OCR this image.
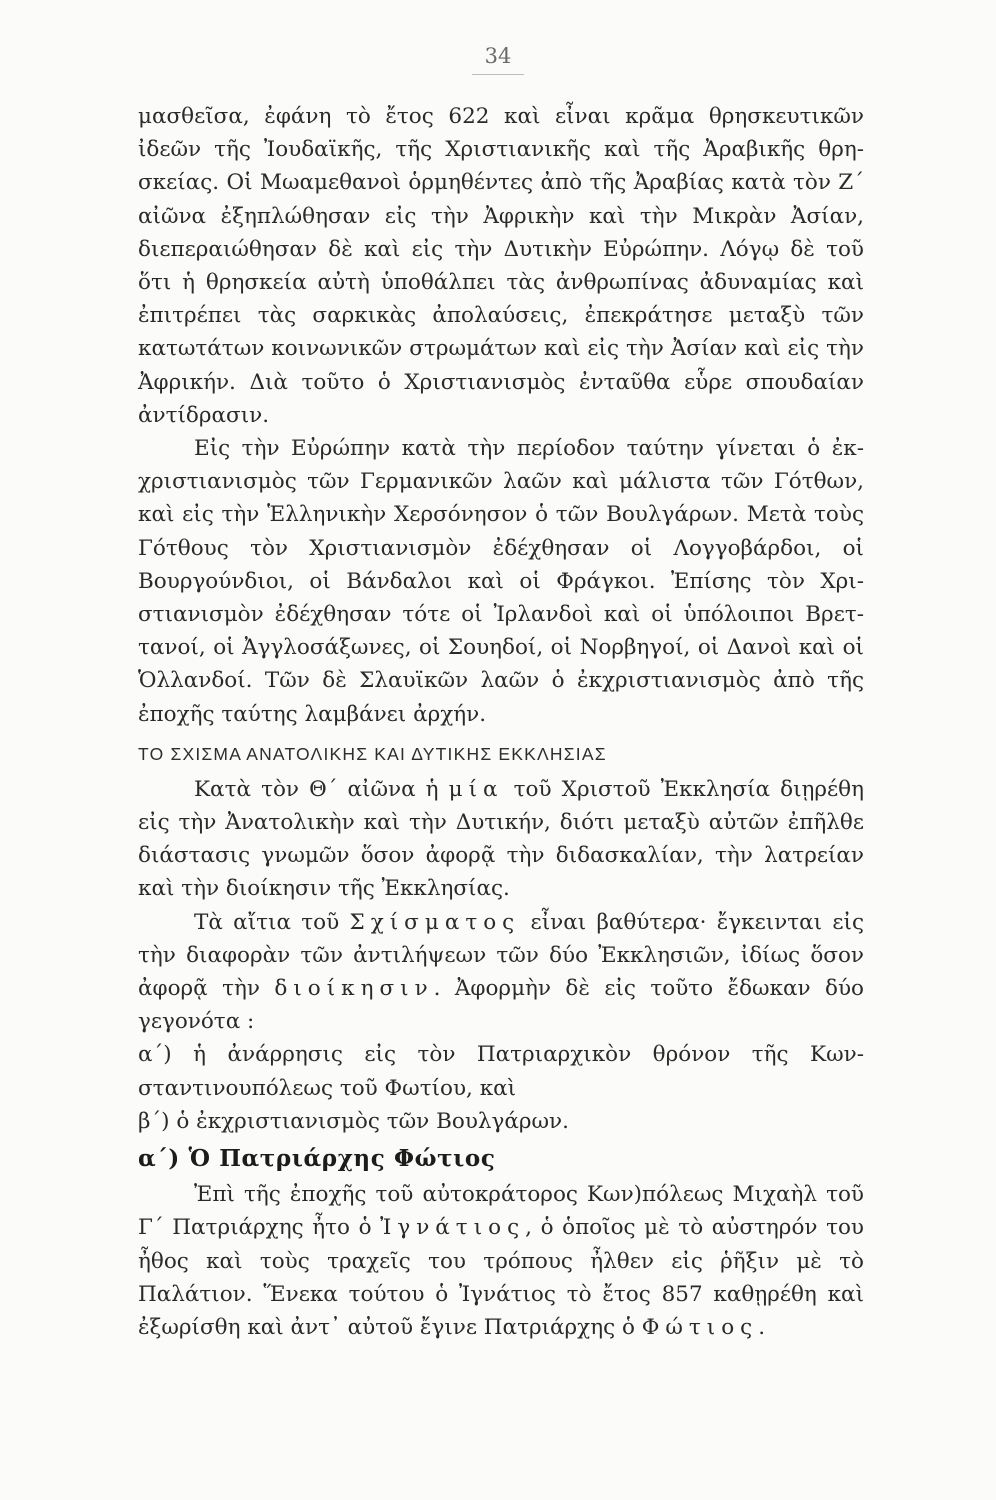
34

μασθεῖσα, ἐφάνη τὸ ἔτος 622 καὶ εἶναι κρᾶμα θρησκευτικῶν ἰδεῶν τῆς Ἰουδαϊκῆς, τῆς Χριστιανικῆς καὶ τῆς Ἀραβικῆς θρησκείας. Οἱ Μωαμεθανοὶ ὁρμηθέντες ἀπὸ τῆς Ἀραβίας κατὰ τὸν Ζ΄ αἰῶνα ἐξηπλώθησαν εἰς τὴν Ἀφρικὴν καὶ τὴν Μικρὰν Ἀσίαν, διεπεραιώθησαν δὲ καὶ εἰς τὴν Δυτικὴν Εὐρώπην. Λόγῳ δὲ τοῦ ὅτι ἡ θρησκεία αὐτὴ ὑποθάλπει τὰς ἀνθρωπίνας ἀδυναμίας καὶ ἐπιτρέπει τὰς σαρκικὰς ἀπολαύσεις, ἐπεκράτησε μεταξὺ τῶν κατωτάτων κοινωνικῶν στρωμάτων καὶ εἰς τὴν Ἀσίαν καὶ εἰς τὴν Ἀφρικήν. Διὰ τοῦτο ὁ Χριστιανισμὸς ἐνταῦθα εὗρε σπουδαίαν ἀντίδρασιν.

Εἰς τὴν Εὐρώπην κατὰ τὴν περίοδον ταύτην γίνεται ὁ ἐκχριστιανισμὸς τῶν Γερμανικῶν λαῶν καὶ μάλιστα τῶν Γότθων, καὶ εἰς τὴν Ἑλληνικὴν Χερσόνησον ὁ τῶν Βουλγάρων. Μετὰ τοὺς Γότθους τὸν Χριστιανισμὸν ἐδέχθησαν οἱ Λογγοβάρδοι, οἱ Βουργούνδιοι, οἱ Βάνδαλοι καὶ οἱ Φράγκοι. Ἐπίσης τὸν Χριστιανισμὸν ἐδέχθησαν τότε οἱ Ἰρλανδοὶ καὶ οἱ ὑπόλοιποι Βρεττανοί, οἱ Ἀγγλοσάξωνες, οἱ Σουηδοί, οἱ Νορβηγοί, οἱ Δανοὶ καὶ οἱ Ὁλλανδοί. Τῶν δὲ Σλαυϊκῶν λαῶν ὁ ἐκχριστιανισμὸς ἀπὸ τῆς ἐποχῆς ταύτης λαμβάνει ἀρχήν.

ΤΟ ΣΧΙΣΜΑ ΑΝΑΤΟΛΙΚΗΣ ΚΑΙ ΔΥΤΙΚΗΣ ΕΚΚΛΗΣΙΑΣ

Κατὰ τὸν Θ΄ αἰῶνα ἡ μία τοῦ Χριστοῦ Ἐκκλησία διῃρέθη εἰς τὴν Ἀνατολικὴν καὶ τὴν Δυτικήν, διότι μεταξὺ αὐτῶν ἐπῆλθε διάστασις γνωμῶν ὅσον ἀφορᾷ τὴν διδασκαλίαν, τὴν λατρείαν καὶ τὴν διοίκησιν τῆς Ἐκκλησίας.

Τὰ αἴτια τοῦ Σχίσματος εἶναι βαθύτερα· ἔγκεινται εἰς τὴν διαφορὰν τῶν ἀντιλήψεων τῶν δύο Ἐκκλησιῶν, ἰδίως ὅσον ἀφορᾷ τὴν διοίκησιν. Ἀφορμὴν δὲ εἰς τοῦτο ἔδωκαν δύο γεγονότα :

α΄) ἡ ἀνάρρησις εἰς τὸν Πατριαρχικὸν θρόνον τῆς Κωνσταντινουπόλεως τοῦ Φωτίου, καὶ

β΄) ὁ ἐκχριστιανισμὸς τῶν Βουλγάρων.

α΄) Ὁ Πατριάρχης Φώτιος

Ἐπὶ τῆς ἐποχῆς τοῦ αὐτοκράτορος Κων)πόλεως Μιχαὴλ τοῦ Γ΄ Πατριάρχης ἦτο ὁ Ἰγνάτιος, ὁ ὁποῖος μὲ τὸ αὐστηρόν του ἦθος καὶ τοὺς τραχεῖς του τρόπους ἦλθεν εἰς ῥῆξιν μὲ τὸ Παλάτιον. Ἕνεκα τούτου ὁ Ἰγνάτιος τὸ ἔτος 857 καθῃρέθη καὶ ἐξωρίσθη καὶ ἀντ᾿ αὐτοῦ ἔγινε Πατριάρχης ὁ Φώτιος.
